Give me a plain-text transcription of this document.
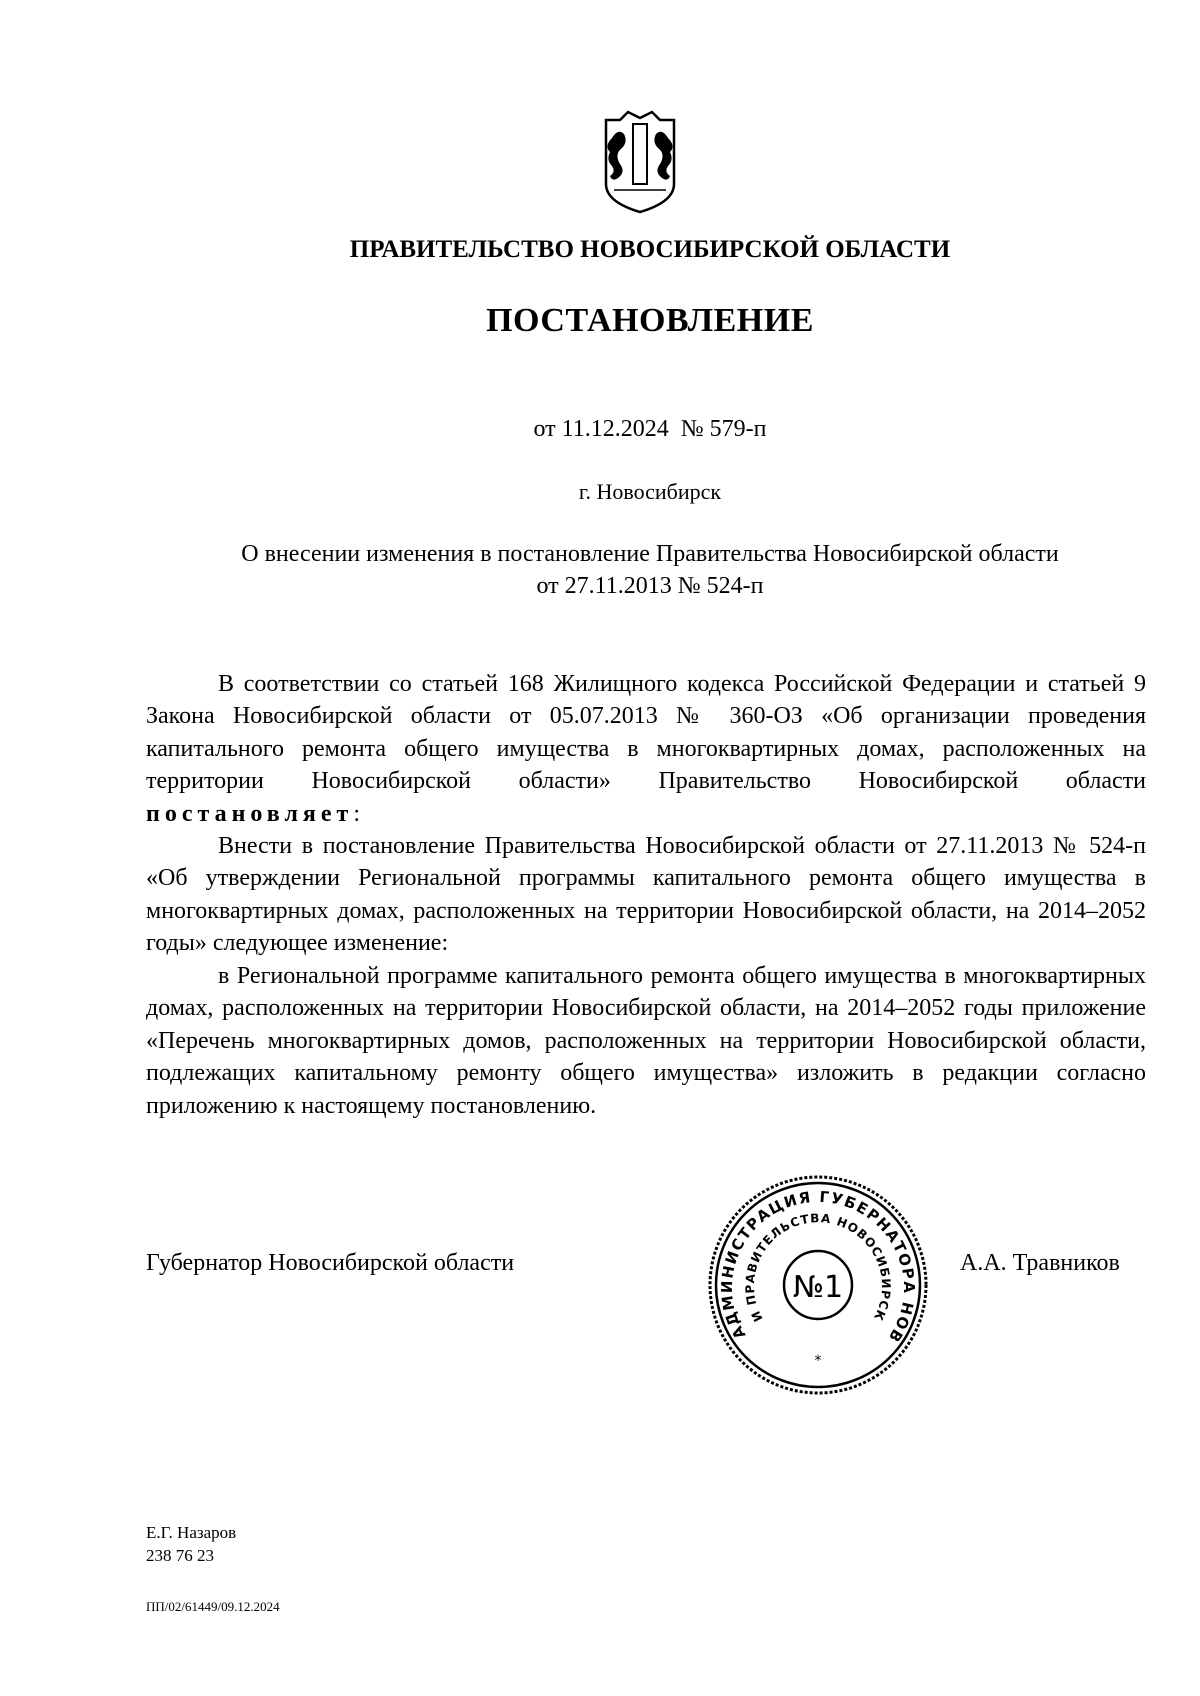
ПРАВИТЕЛЬСТВО НОВОСИБИРСКОЙ ОБЛАСТИ
ПОСТАНОВЛЕНИЕ
от 11.12.2024  № 579-п
г. Новосибирск
О внесении изменения в постановление Правительства Новосибирской области
от 27.11.2013 № 524-п

В соответствии со статьей 168 Жилищного кодекса Российской Федерации и статьей 9 Закона Новосибирской области от 05.07.2013 № 360-ОЗ «Об организации проведения капитального ремонта общего имущества в многоквартирных домах, расположенных на территории Новосибирской области» Правительство Новосибирской области постановляет:

Внести в постановление Правительства Новосибирской области от 27.11.2013 № 524-п «Об утверждении Региональной программы капитального ремонта общего имущества в многоквартирных домах, расположенных на территории Новосибирской области, на 2014–2052 годы» следующее изменение:

в Региональной программе капитального ремонта общего имущества в многоквартирных домах, расположенных на территории Новосибирской области, на 2014–2052 годы приложение «Перечень многоквартирных домов, расположенных на территории Новосибирской области, подлежащих капитальному ремонту общего имущества» изложить в редакции согласно приложению к настоящему постановлению.

Губернатор Новосибирской области
АДМИНИСТРАЦИЯ ГУБЕРНАТОРА НОВ
И ПРАВИТЕЛЬСТВА НОВОСИБИРСК
№1
*
А.А. Травников
Е.Г. Назаров
238 76 23
ПП/02/61449/09.12.2024
